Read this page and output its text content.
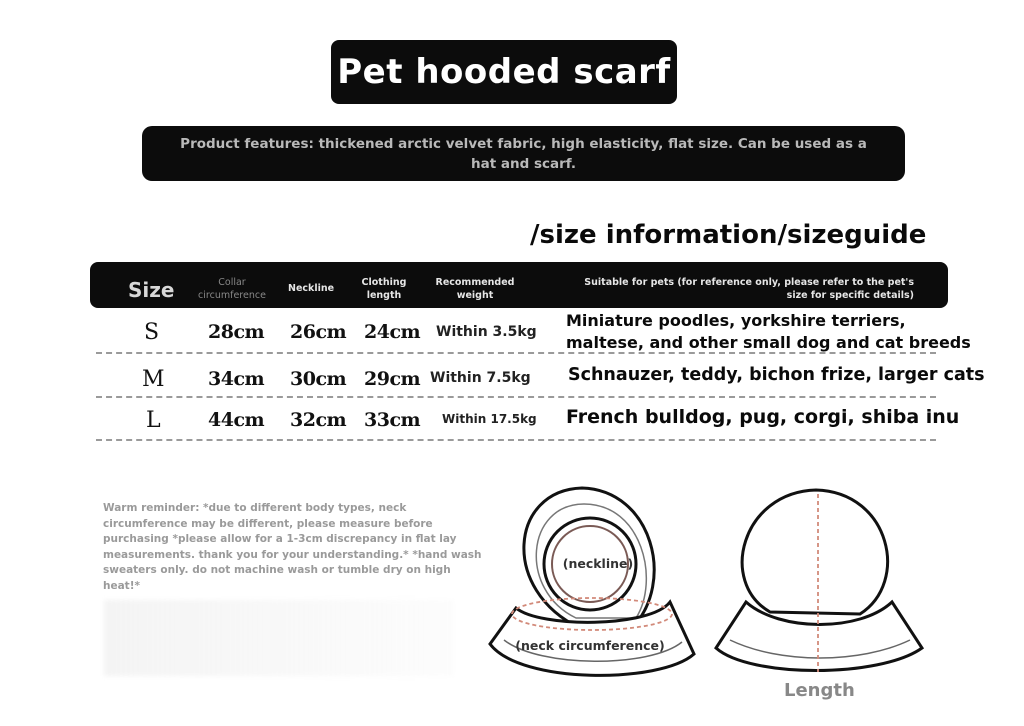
Pet hooded scarf
Product features: thickened arctic velvet fabric, high elasticity, flat size. Can be used as a hat and scarf.
/size information/sizeguide
Size	Collar circumference
Neckline
Clothing length
Recommended weight
Suitable for pets (for reference only, please refer to the pet's size for specific details)
S	28cm 26cm 24cm Within 3.5kg
Miniature poodles, yorkshire terriers, maltese, and other small dog and cat breeds
M 34cm 30cm 29cm Within 7.5kg Schnauzer, teddy, bichon frize, larger cats
L 44cm 32cm 33cm Within 17.5kg French bulldog, pug, corgi, shiba inu
Warm reminder: *due to different body types, neck circumference may be different, please measure before purchasing *please allow for a 1-3cm discrepancy in flat lay measurements. thank you for your understanding.* *hand wash sweaters only. do not machine wash or tumble dry on high heat!*
(neckline)
(neck circumference)
Length
